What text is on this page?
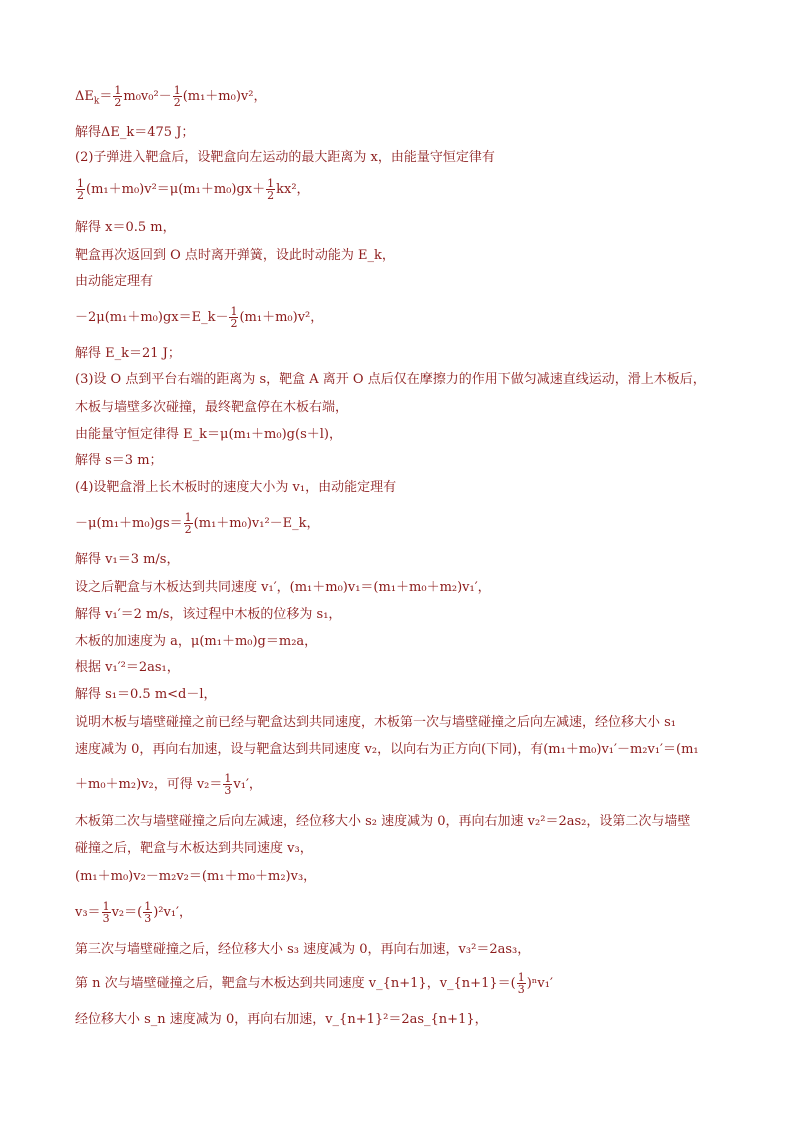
$\Delta E_k= \frac{1}{2} m_0v_0^2- \frac{1}{2} (m_1+m_0)v^2$，
解得ΔE_k＝475 J；
(2)子弹进入靶盒后，设靶盒向左运动的最大距离为 x，由能量守恒定律有
$\frac{1}{2} (m_1+m_0)v^2=\mu(m_1+m_0)gx+ \frac{1}{2} kx^2$，
解得 x＝0.5 m，
靶盒再次返回到 O 点时离开弹簧，设此时动能为 E_k，
由动能定理有
－2μ(m₁＋m₀)gx＝E_k－ $\frac{1}{2} (m_1+m_0)v^2$，
解得 E_k＝21 J；
(3)设 O 点到平台右端的距离为 s，靶盒 A 离开 O 点后仅在摩擦力的作用下做匀减速直线运动，滑上木板后，
木板与墙壁多次碰撞，最终靶盒停在木板右端，
由能量守恒定律得 E_k＝μ(m₁＋m₀)g(s＋l)，
解得 s＝3 m；
(4)设靶盒滑上长木板时的速度大小为 v₁，由动能定理有
$-\mu(m_1+m_0)gs= \frac{1}{2}$ (m₁＋m₀)v₁²－E_k，
解得 v₁＝3 m/s，
设之后靶盒与木板达到共同速度 v₁′，(m₁＋m₀)v₁＝(m₁＋m₀＋m₂)v₁′，
解得 v₁′＝2 m/s，该过程中木板的位移为 s₁，
木板的加速度为 a，μ(m₁＋m₀)g＝m₂a，
根据 v₁′²＝2as₁，
解得 s₁＝0.5 m<d－l，
说明木板与墙壁碰撞之前已经与靶盒达到共同速度，木板第一次与墙壁碰撞之后向左减速，经位移大小 s₁
速度减为 0，再向右加速，设与靶盒达到共同速度 v₂，以向右为正方向(下同)，有(m₁＋m₀)v₁′－m₂v₁′＝(m₁
＋m₀＋m₂)v₂，可得 $v_2= \frac{1}{3} v_1'$，
木板第二次与墙壁碰撞之后向左减速，经位移大小 s₂ 速度减为 0，再向右加速 v₂²＝2as₂，设第二次与墙壁
碰撞之后，靶盒与木板达到共同速度 v₃，
(m₁＋m₀)v₂－m₂v₂＝(m₁＋m₀＋m₂)v₃，
$v_3= \frac{1}{3} v_2=( \frac{1}{3} )^2v_1'$，
第三次与墙壁碰撞之后，经位移大小 s₃ 速度减为 0，再向右加速，v₃²＝2as₃，
第 n 次与墙壁碰撞之后，靶盒与木板达到共同速度 v_{n+1}，v_{n+1}＝( $\frac{1}{3} )^nv_1'$
经位移大小 s_n 速度减为 0，再向右加速，v_{n+1}²＝2as_{n+1}，
